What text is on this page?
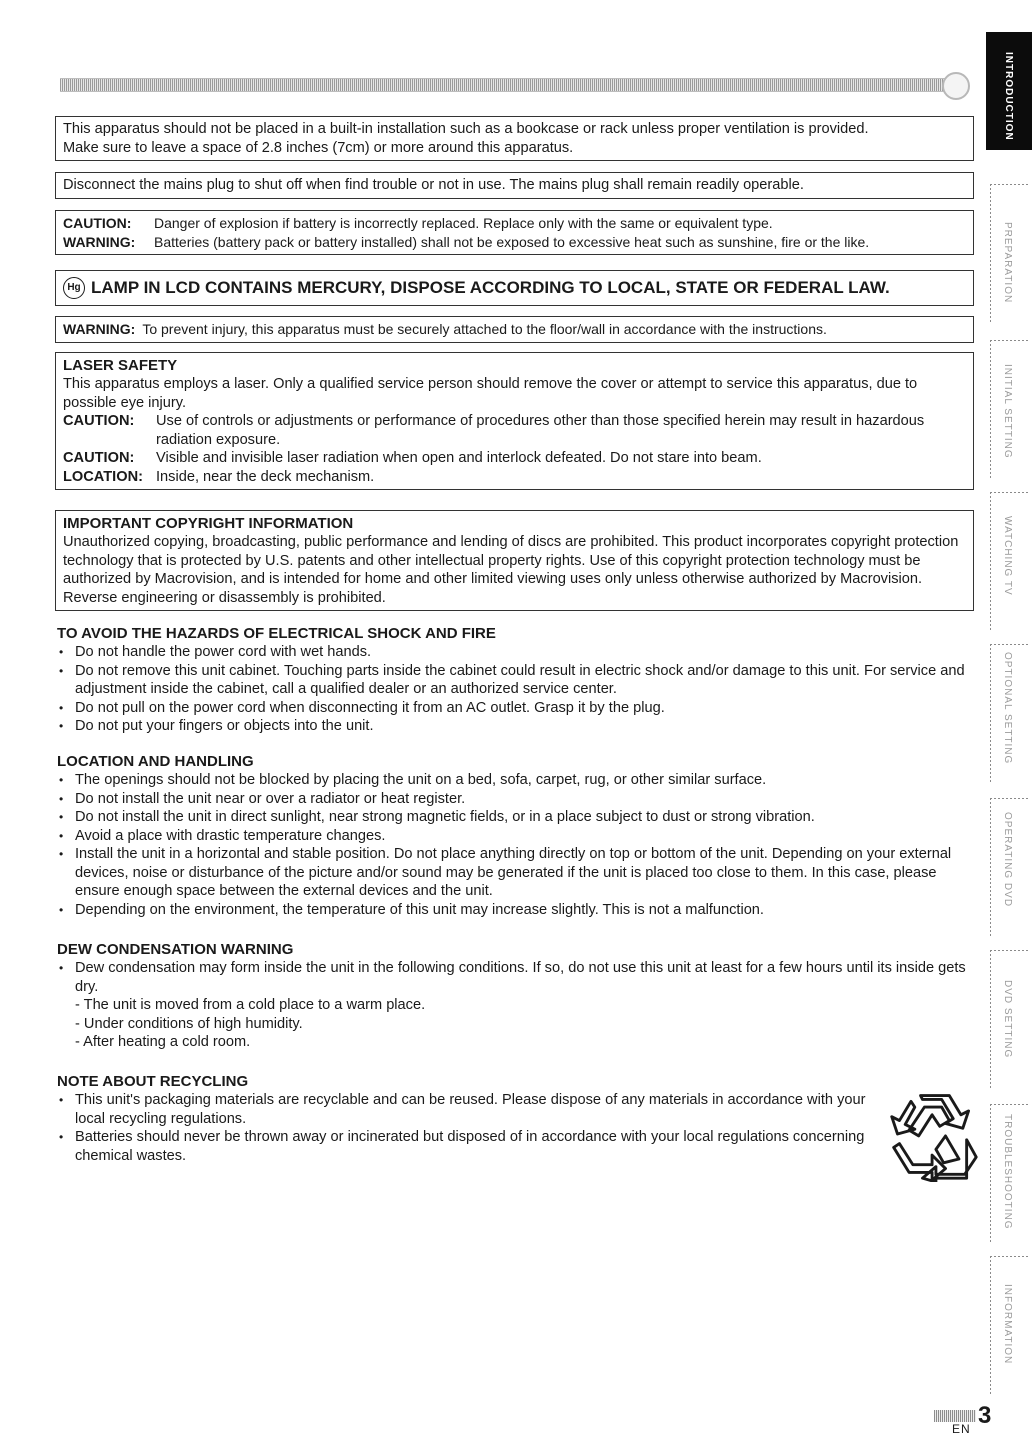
This apparatus should not be placed in a built-in installation such as a bookcase or rack unless proper ventilation is provided.
Make sure to leave a space of 2.8 inches (7cm) or more around this apparatus.
Disconnect the mains plug to shut off when find trouble or not in use. The mains plug shall remain readily operable.
CAUTION:	Danger of explosion if battery is incorrectly replaced. Replace only with the same or equivalent type.
WARNING:	Batteries (battery pack or battery installed) shall not be exposed to excessive heat such as sunshine, fire or the like.
Hg LAMP IN LCD CONTAINS MERCURY, DISPOSE ACCORDING TO LOCAL, STATE OR FEDERAL LAW.
WARNING: To prevent injury, this apparatus must be securely attached to the floor/wall in accordance with the instructions.
LASER SAFETY
This apparatus employs a laser. Only a qualified service person should remove the cover or attempt to service this apparatus, due to possible eye injury.
CAUTION:	Use of controls or adjustments or performance of procedures other than those specified herein may result in hazardous radiation exposure.
CAUTION:	Visible and invisible laser radiation when open and interlock defeated. Do not stare into beam.
LOCATION: Inside, near the deck mechanism.
IMPORTANT COPYRIGHT INFORMATION
Unauthorized copying, broadcasting, public performance and lending of discs are prohibited. This product incorporates copyright protection technology that is protected by U.S. patents and other intellectual property rights. Use of this copyright protection technology must be authorized by Macrovision, and is intended for home and other limited viewing uses only unless otherwise authorized by Macrovision. Reverse engineering or disassembly is prohibited.
TO AVOID THE HAZARDS OF ELECTRICAL SHOCK AND FIRE
• Do not handle the power cord with wet hands.
• Do not remove this unit cabinet. Touching parts inside the cabinet could result in electric shock and/or damage to this unit. For service and adjustment inside the cabinet, call a qualified dealer or an authorized service center.
• Do not pull on the power cord when disconnecting it from an AC outlet. Grasp it by the plug.
• Do not put your fingers or objects into the unit.
LOCATION AND HANDLING
• The openings should not be blocked by placing the unit on a bed, sofa, carpet, rug, or other similar surface.
• Do not install the unit near or over a radiator or heat register.
• Do not install the unit in direct sunlight, near strong magnetic fields, or in a place subject to dust or strong vibration.
• Avoid a place with drastic temperature changes.
• Install the unit in a horizontal and stable position. Do not place anything directly on top or bottom of the unit. Depending on your external devices, noise or disturbance of the picture and/or sound may be generated if the unit is placed too close to them. In this case, please ensure enough space between the external devices and the unit.
• Depending on the environment, the temperature of this unit may increase slightly. This is not a malfunction.
DEW CONDENSATION WARNING
• Dew condensation may form inside the unit in the following conditions. If so, do not use this unit at least for a few hours until its inside gets dry.
- The unit is moved from a cold place to a warm place.
- Under conditions of high humidity.
- After heating a cold room.
NOTE ABOUT RECYCLING
• This unit's packaging materials are recyclable and can be reused. Please dispose of any materials in accordance with your local recycling regulations.
• Batteries should never be thrown away or incinerated but disposed of in accordance with your local regulations concerning chemical wastes.
INTRODUCTION
PREPARATION
INITIAL SETTING
WATCHING TV
OPTIONAL SETTING
OPERATING DVD
DVD SETTING
TROUBLESHOOTING
INFORMATION
3
EN
